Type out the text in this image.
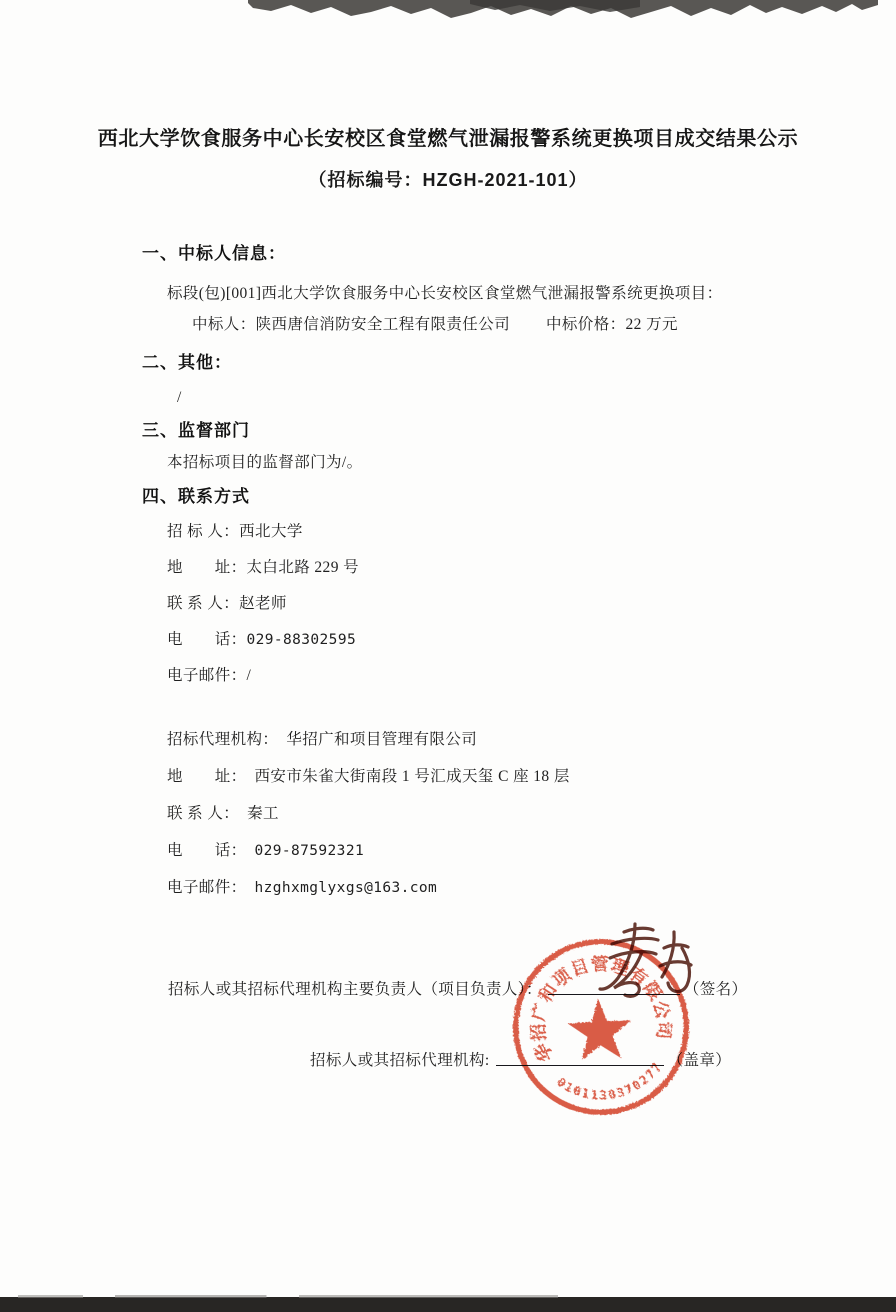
西北大学饮食服务中心长安校区食堂燃气泄漏报警系统更换项目成交结果公示
（招标编号：HZGH-2021-101）
一、中标人信息：
标段(包)[001]西北大学饮食服务中心长安校区食堂燃气泄漏报警系统更换项目：
中标人：陕西唐信消防安全工程有限责任公司 中标价格：22 万元
二、其他：
/
三、监督部门
本招标项目的监督部门为/。
四、联系方式
招 标 人：西北大学
地　　址：太白北路 229 号
联 系 人：赵老师
电　　话：029-88302595
电子邮件：/
招标代理机构： 华招广和项目管理有限公司
地　　址： 西安市朱雀大街南段 1 号汇成天玺 C 座 18 层
联 系 人： 秦工
电　　话： 029-87592321
电子邮件： hzghxmglyxgs@163.com
招标人或其招标代理机构主要负责人（项目负责人）：	（签名）
招标人或其招标代理机构:	（盖章）
华招广和项目管理有限公司
0101130370277
